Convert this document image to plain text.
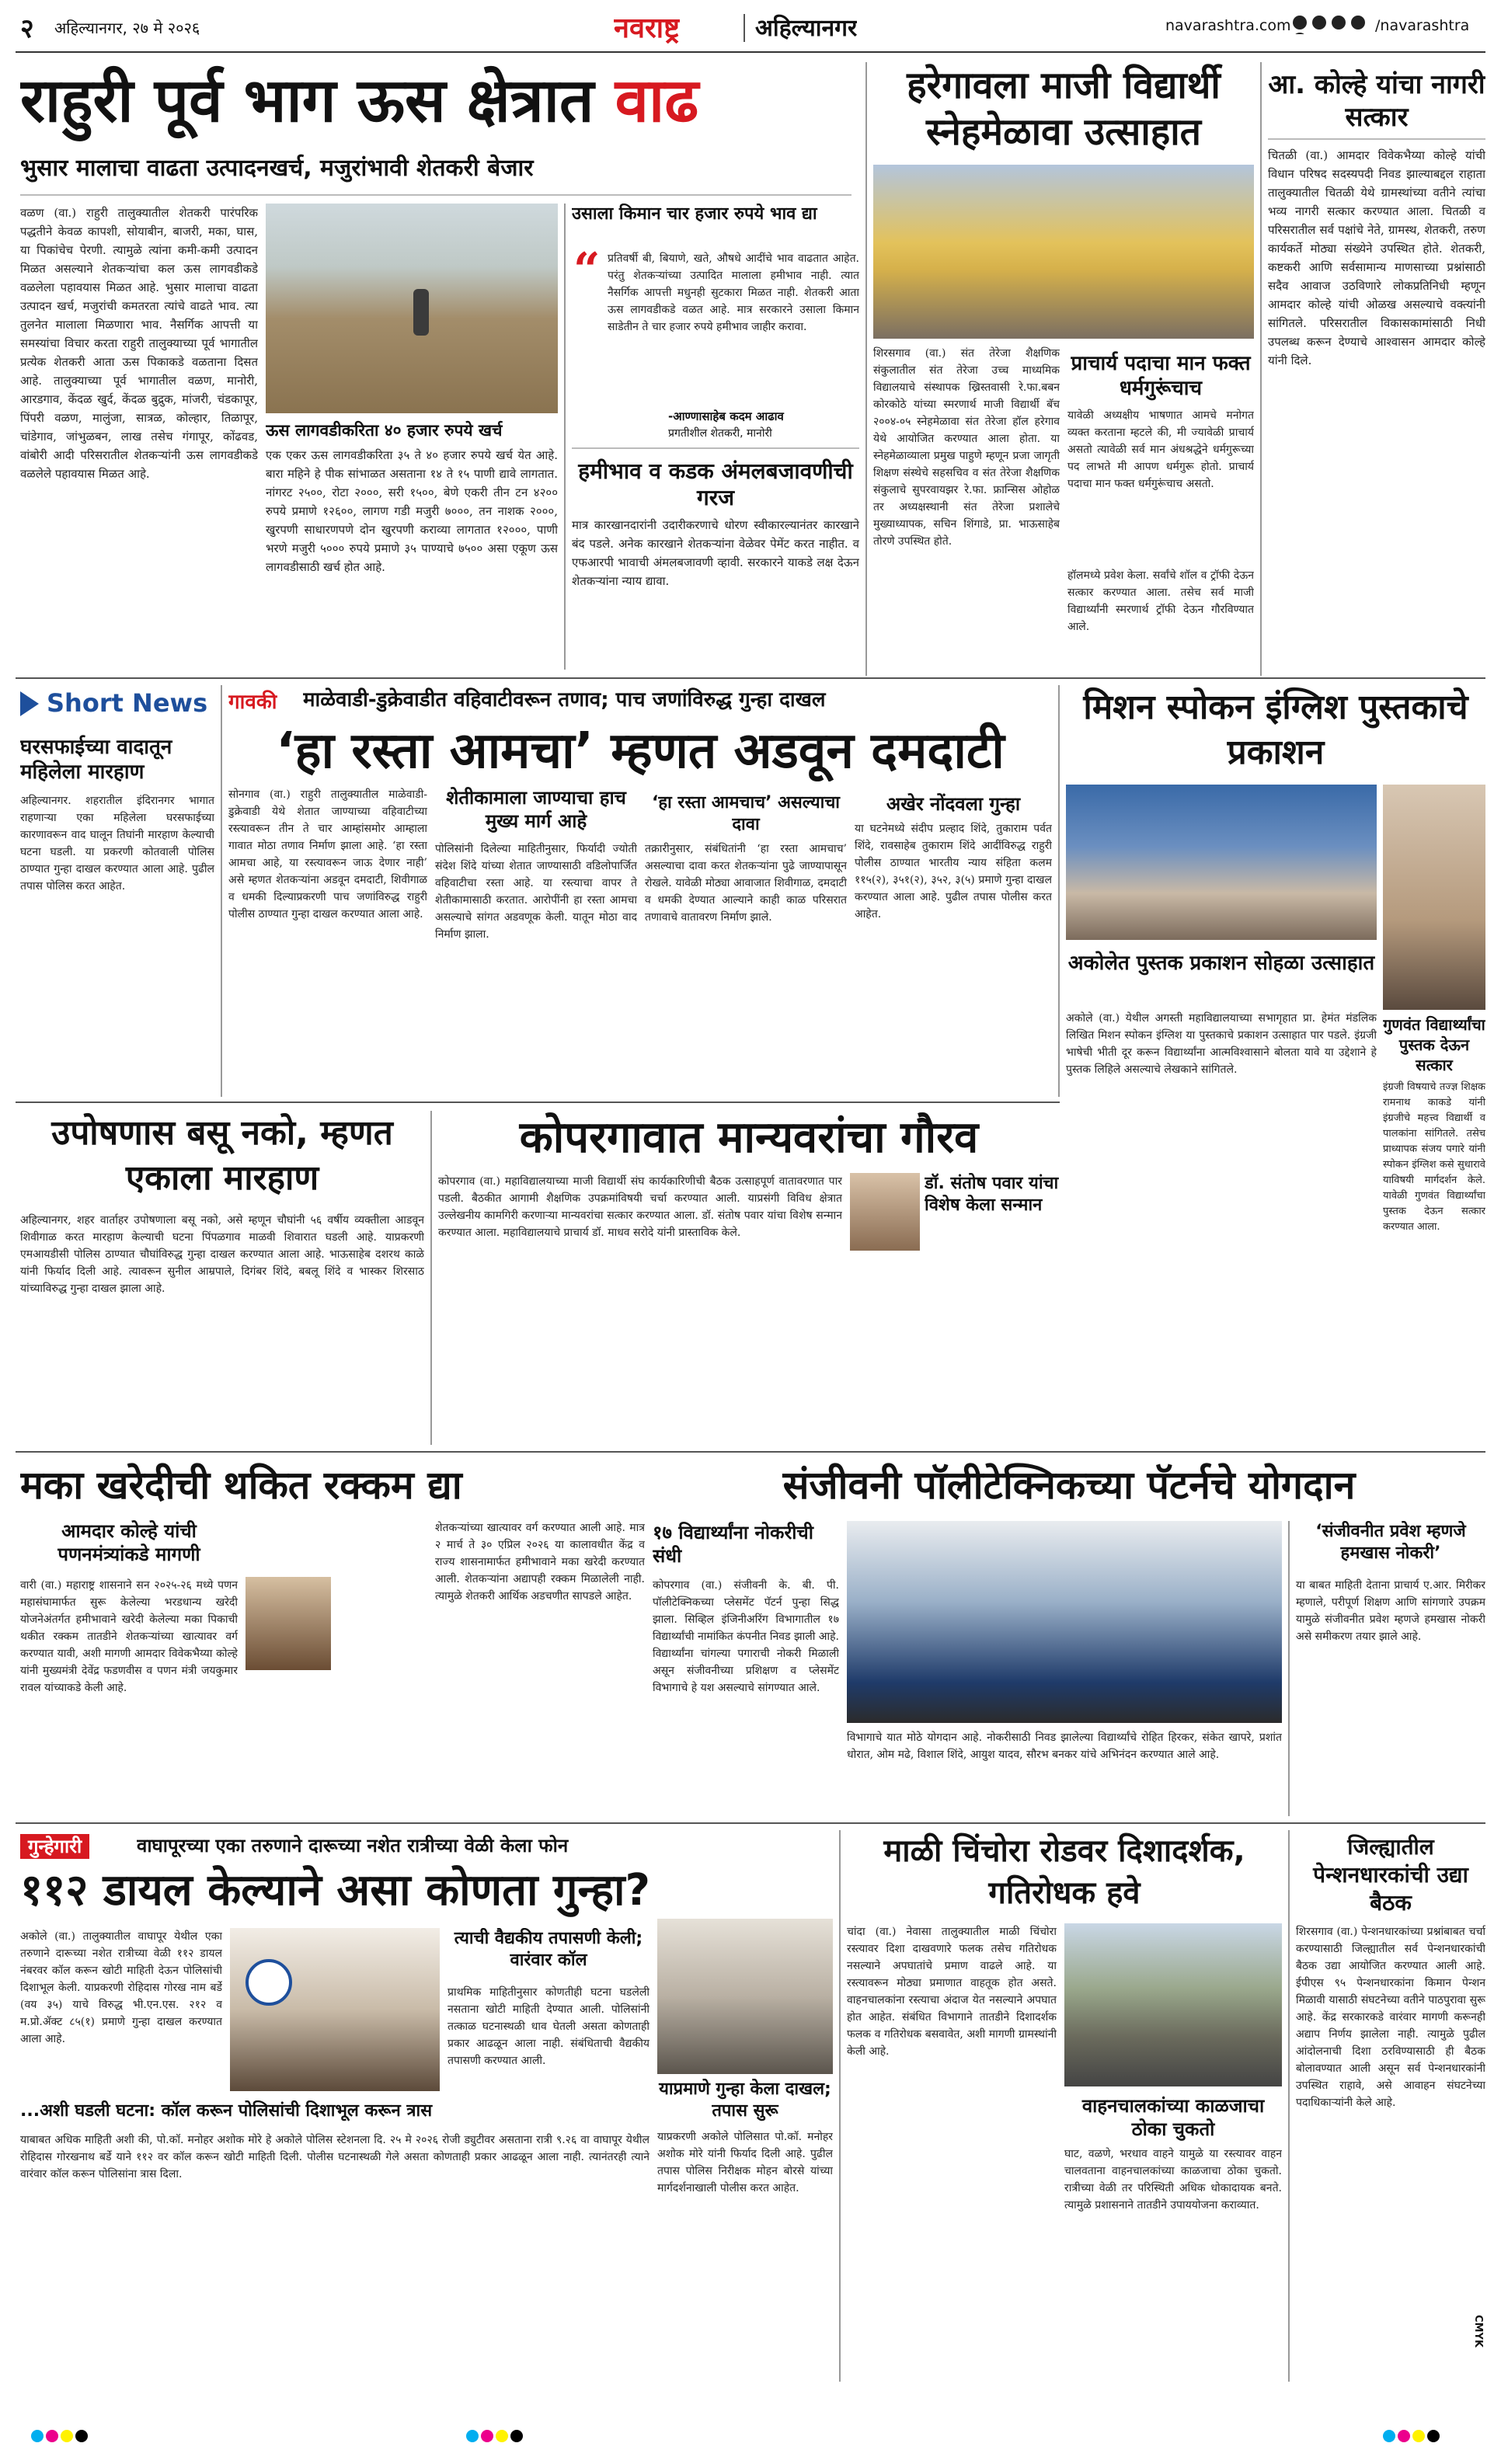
२ अहिल्यानगर, २७ मे २०२६	नवराष्ट्र	अहिल्यानगर	navarashtra.com
	/navarashtra
राहुरी पूर्व भाग ऊस क्षेत्रात वाढ
भुसार मालाचा वाढता उत्पादनखर्च, मजुरांभावी शेतकरी बेजार
वळण (वा.) राहुरी तालुक्यातील शेतकरी पारंपरिक पद्धतीने केवळ कापशी, सोयाबीन, बाजरी, मका, घास, या पिकांचेच पेरणी. त्यामुळे त्यांना कमी-कमी उत्पादन मिळत असल्याने शेतकऱ्यांचा कल ऊस लागवडीकडे वळलेला पहावयास मिळत आहे. भुसार मालाचा वाढता उत्पादन खर्च, मजुरांची कमतरता त्यांचे वाढते भाव. त्या तुलनेत मालाला मिळणारा भाव. नैसर्गिक आपत्ती या समस्यांचा विचार करता राहुरी तालुक्याच्या पूर्व भागातील प्रत्येक शेतकरी आता ऊस पिकाकडे वळताना दिसत आहे. तालुक्याच्या पूर्व भागातील वळण, मानोरी, आरडगाव, केंदळ खुर्द, केंदळ बुद्रुक, मांजरी, चंडकापूर, पिंपरी वळण, मालुंजा, सात्रळ, कोल्हार, तिळापूर, चांडेगाव, जांभुळबन, लाख तसेच गंगापूर, कोंढवड, वांबोरी आदी परिसरातील शेतकऱ्यांनी ऊस लागवडीकडे वळलेले पहावयास मिळत आहे.
ऊस लागवडीकरिता ४० हजार रुपये खर्च
एक एकर ऊस लागवडीकरिता ३५ ते ४० हजार रुपये खर्च येत आहे. बारा महिने हे पीक सांभाळत असताना १४ ते १५ पाणी द्यावे लागतात. नांगरट २५००, रोटा २०००, सरी १५००, बेणे एकरी तीन टन ४२०० रुपये प्रमाणे १२६००, लागण गडी मजुरी ७०००, तन नाशक २०००, खुरपणी साधारणपणे दोन खुरपणी कराव्या लागतात १२०००, पाणी भरणे मजुरी ५००० रुपये प्रमाणे ३५ पाण्याचे ७५०० असा एकूण ऊस लागवडीसाठी खर्च होत आहे.
उसाला किमान चार हजार रुपये भाव द्या
“ प्रतिवर्षी बी, बियाणे, खते, औषधे आदींचे भाव वाढतात आहेत. परंतु शेतकऱ्यांच्या उत्पादित मालाला हमीभाव नाही. त्यात नैसर्गिक आपत्ती मधुनही सुटकारा मिळत नाही. शेतकरी आता ऊस लागवडीकडे वळत आहे. मात्र सरकारने उसाला किमान साडेतीन ते चार हजार रुपये हमीभाव जाहीर करावा.
-आण्णासाहेब कदम आढाव
प्रगतीशील शेतकरी, मानोरी
हमीभाव व कडक अंमलबजावणीची गरज
मात्र कारखानदारांनी उदारीकरणाचे धोरण स्वीकारल्यानंतर कारखाने बंद पडले. अनेक कारखाने शेतकऱ्यांना वेळेवर पेमेंट करत नाहीत. व एफआरपी भावाची अंमलबजावणी व्हावी. सरकारने याकडे लक्ष देऊन शेतकऱ्यांना न्याय द्यावा.
हरेगावला माजी विद्यार्थी स्नेहमेळावा उत्साहात
शिरसगाव (वा.) संत तेरेजा शैक्षणिक संकुलातील संत तेरेजा उच्च माध्यमिक विद्यालयाचे संस्थापक ख्रिस्तवासी रे.फा.बबन कोरकोठे यांच्या स्मरणार्थ माजी विद्यार्थी बॅच २००४-०५ स्नेहमेळावा संत तेरेजा हॉल हरेगाव येथे आयोजित करण्यात आला होता. या स्नेहमेळाव्याला प्रमुख पाहुणे म्हणून प्रजा जागृती शिक्षण संस्थेचे सहसचिव व संत तेरेजा शैक्षणिक संकुलाचे सुपरवायझर रे.फा. फ्रान्सिस ओहोळ तर अध्यक्षस्थानी संत तेरेजा प्रशालेचे मुख्याध्यापक, सचिन शिंगाडे, प्रा. भाऊसाहेब तोरणे उपस्थित होते.
प्राचार्य पदाचा मान फक्त धर्मगुरूंचाच
यावेळी अध्यक्षीय भाषणात आमचे मनोगत व्यक्त करताना म्हटले की, मी ज्यावेळी प्राचार्य असतो त्यावेळी सर्व मान अंधश्रद्धेने धर्मगुरूच्या पद लाभते मी आपण धर्मगुरू होतो. प्राचार्य पदाचा मान फक्त धर्मगुरूंचाच असतो.
हॉलमध्ये प्रवेश केला. सर्वांचे शॉल व ट्रॉफी देऊन सत्कार करण्यात आला. तसेच सर्व माजी विद्यार्थ्यांनी स्मरणार्थ ट्रॉफी देऊन गौरविण्यात आले.
आ. कोल्हे यांचा नागरी सत्कार
चितळी (वा.) आमदार विवेकभैय्या कोल्हे यांची विधान परिषद सदस्यपदी निवड झाल्याबद्दल राहाता तालुक्यातील चितळी येथे ग्रामस्थांच्या वतीने त्यांचा भव्य नागरी सत्कार करण्यात आला. चितळी व परिसरातील सर्व पक्षांचे नेते, ग्रामस्थ, शेतकरी, तरुण कार्यकर्ते मोठ्या संख्येने उपस्थित होते. शेतकरी, कष्टकरी आणि सर्वसामान्य माणसाच्या प्रश्नांसाठी सदैव आवाज उठविणारे लोकप्रतिनिधी म्हणून आमदार कोल्हे यांची ओळख असल्याचे वक्त्यांनी सांगितले. परिसरातील विकासकामांसाठी निधी उपलब्ध करून देण्याचे आश्वासन आमदार कोल्हे यांनी दिले.
Short News
घरसफाईच्या वादातून महिलेला मारहाण
अहिल्यानगर. शहरातील इंदिरानगर भागात राहणाऱ्या एका महिलेला घरसफाईच्या कारणावरून वाद घालून तिघांनी मारहाण केल्याची घटना घडली. या प्रकरणी कोतवाली पोलिस ठाण्यात गुन्हा दाखल करण्यात आला आहे. पुढील तपास पोलिस करत आहेत.
गावकी माळेवाडी-डुक्रेवाडीत वहिवाटीवरून तणाव; पाच जणांविरुद्ध गुन्हा दाखल
‘हा रस्ता आमचा’ म्हणत अडवून दमदाटी
सोनगाव (वा.) राहुरी तालुक्यातील माळेवाडी-डुक्रेवाडी येथे शेतात जाण्याच्या वहिवाटीच्या रस्त्यावरून तीन ते चार आम्हांसमोर आम्हाला गावात मोठा तणाव निर्माण झाला आहे. ‘हा रस्ता आमचा आहे, या रस्त्यावरून जाऊ देणार नाही’ असे म्हणत शेतकऱ्यांना अडवून दमदाटी, शिवीगाळ व धमकी दिल्याप्रकरणी पाच जणांविरुद्ध राहुरी पोलीस ठाण्यात गुन्हा दाखल करण्यात आला आहे.
शेतीकामाला जाण्याचा हाच मुख्य मार्ग आहे
पोलिसांनी दिलेल्या माहितीनुसार, फिर्यादी ज्योती संदेश शिंदे यांच्या शेतात जाण्यासाठी वडिलोपार्जित वहिवाटीचा रस्ता आहे. या रस्त्याचा वापर ते शेतीकामासाठी करतात. आरोपींनी हा रस्ता आमचा असल्याचे सांगत अडवणूक केली. यातून मोठा वाद निर्माण झाला.
‘हा रस्ता आमचाच’ असल्याचा दावा
तक्रारीनुसार, संबंधितांनी ‘हा रस्ता आमचाच’ असल्याचा दावा करत शेतकऱ्यांना पुढे जाण्यापासून रोखले. यावेळी मोठ्या आवाजात शिवीगाळ, दमदाटी व धमकी देण्यात आल्याने काही काळ परिसरात तणावाचे वातावरण निर्माण झाले.
अखेर नोंदवला गुन्हा
या घटनेमध्ये संदीप प्रल्हाद शिंदे, तुकाराम पर्वत शिंदे, रावसाहेब तुकाराम शिंदे आदींविरुद्ध राहुरी पोलीस ठाण्यात भारतीय न्याय संहिता कलम ११५(२), ३५१(२), ३५२, ३(५) प्रमाणे गुन्हा दाखल करण्यात आला आहे. पुढील तपास पोलीस करत आहेत.
मिशन स्पोकन इंग्लिश पुस्तकाचे प्रकाशन
अकोलेत पुस्तक प्रकाशन सोहळा उत्साहात
गुणवंत विद्यार्थ्यांचा पुस्तक देऊन सत्कार
अकोले (वा.) येथील अगस्ती महाविद्यालयाच्या सभागृहात प्रा. हेमंत मंडलिक लिखित मिशन स्पोकन इंग्लिश या पुस्तकाचे प्रकाशन उत्साहात पार पडले. इंग्रजी भाषेची भीती दूर करून विद्यार्थ्यांना आत्मविश्वासाने बोलता यावे या उद्देशाने हे पुस्तक लिहिले असल्याचे लेखकाने सांगितले.
इंग्रजी विषयाचे तज्ज्ञ शिक्षक रामनाथ काकडे यांनी इंग्रजीचे महत्त्व विद्यार्थी व पालकांना सांगितले. तसेच प्राध्यापक संजय पगारे यांनी स्पोकन इंग्लिश कसे सुधारावे याविषयी मार्गदर्शन केले. यावेळी गुणवंत विद्यार्थ्यांचा पुस्तक देऊन सत्कार करण्यात आला.
उपोषणास बसू नको, म्हणत एकाला मारहाण
अहिल्यानगर, शहर वार्ताहर उपोषणाला बसू नको, असे म्हणून चौघांनी ५६ वर्षीय व्यक्तीला आडवून शिवीगाळ करत मारहाण केल्याची घटना पिंपळगाव माळवी शिवारात घडली आहे. याप्रकरणी एमआयडीसी पोलिस ठाण्यात चौघांविरुद्ध गुन्हा दाखल करण्यात आला आहे. भाऊसाहेब दशरथ काळे यांनी फिर्याद दिली आहे. त्यावरून सुनील आम्रपाले, दिगंबर शिंदे, बबलू शिंदे व भास्कर शिरसाठ यांच्याविरुद्ध गुन्हा दाखल झाला आहे.
कोपरगावात मान्यवरांचा गौरव
कोपरगाव (वा.) महाविद्यालयाच्या माजी विद्यार्थी संघ कार्यकारिणीची बैठक उत्साहपूर्ण वातावरणात पार पडली. बैठकीत आगामी शैक्षणिक उपक्रमांविषयी चर्चा करण्यात आली. याप्रसंगी विविध क्षेत्रात उल्लेखनीय कामगिरी करणाऱ्या मान्यवरांचा सत्कार करण्यात आला. डॉ. संतोष पवार यांचा विशेष सन्मान करण्यात आला. महाविद्यालयाचे प्राचार्य डॉ. माधव सरोदे यांनी प्रास्ताविक केले.
डॉ. संतोष पवार यांचा विशेष केला सन्मान
संजीवनी पॉलीटेक्निकच्या पॅटर्नचे योगदान
१७ विद्यार्थ्यांना नोकरीची संधी
कोपरगाव (वा.) संजीवनी के. बी. पी. पॉलीटेक्निकच्या प्लेसमेंट पॅटर्न पुन्हा सिद्ध झाला. सिव्हिल इंजिनीअरिंग विभागातील १७ विद्यार्थ्यांची नामांकित कंपनीत निवड झाली आहे. विद्यार्थ्यांना चांगल्या पगाराची नोकरी मिळाली असून संजीवनीच्या प्रशिक्षण व प्लेसमेंट विभागाचे हे यश असल्याचे सांगण्यात आले.
विभागाचे यात मोठे योगदान आहे. नोकरीसाठी निवड झालेल्या विद्यार्थ्यांचे रोहित हिरकर, संकेत खापरे, प्रशांत धोरात, ओम मढे, विशाल शिंदे, आयुश यादव, सौरभ बनकर यांचे अभिनंदन करण्यात आले आहे.
‘संजीवनीत प्रवेश म्हणजे हमखास नोकरी’
या बाबत माहिती देताना प्राचार्य ए.आर. मिरीकर म्हणाले, परीपूर्ण शिक्षण आणि सांगणारे उपक्रम यामुळे संजीवनीत प्रवेश म्हणजे हमखास नोकरी असे समीकरण तयार झाले आहे.
मका खरेदीची थकित रक्कम द्या
आमदार कोल्हे यांची पणनमंत्र्यांकडे मागणी
वारी (वा.) महाराष्ट्र शासनाने सन २०२५-२६ मध्ये पणन महासंघामार्फत सुरू केलेल्या भरडधान्य खरेदी योजनेअंतर्गत हमीभावाने खरेदी केलेल्या मका पिकाची थकीत रक्कम तातडीने शेतकऱ्यांच्या खात्यावर वर्ग करण्यात यावी, अशी मागणी आमदार विवेकभैय्या कोल्हे यांनी मुख्यमंत्री देवेंद्र फडणवीस व पणन मंत्री जयकुमार रावल यांच्याकडे केली आहे.
शेतकऱ्यांच्या खात्यावर वर्ग करण्यात आली आहे. मात्र २ मार्च ते ३० एप्रिल २०२६ या कालावधीत केंद्र व राज्य शासनामार्फत हमीभावाने मका खरेदी करण्यात आली. शेतकऱ्यांना अद्यापही रक्कम मिळालेली नाही. त्यामुळे शेतकरी आर्थिक अडचणीत सापडले आहेत.
गुन्हेगारी	वाघापूरच्या एका तरुणाने दारूच्या नशेत रात्रीच्या वेळी केला फोन
११२ डायल केल्याने असा कोणता गुन्हा?
अकोले (वा.) तालुक्यातील वाघापूर येथील एका तरुणाने दारूच्या नशेत रात्रीच्या वेळी ११२ डायल नंबरवर कॉल करून खोटी माहिती देऊन पोलिसांची दिशाभूल केली. याप्रकरणी रोहिदास गोरख नाम बर्डे (वय ३५) याचे विरुद्ध भी.एन.एस. २१२ व म.प्रो.ॲक्ट ८५(१) प्रमाणे गुन्हा दाखल करण्यात आला आहे.
त्याची वैद्यकीय तपासणी केली; वारंवार कॉल
प्राथमिक माहितीनुसार कोणतीही घटना घडलेली नसताना खोटी माहिती देण्यात आली. पोलिसांनी तत्काळ घटनास्थळी धाव घेतली असता कोणताही प्रकार आढळून आला नाही. संबंधिताची वैद्यकीय तपासणी करण्यात आली.
याप्रमाणे गुन्हा केला दाखल; तपास सुरू
याप्रकरणी अकोले पोलिसात पो.कॉ. मनोहर अशोक मोरे यांनी फिर्याद दिली आहे. पुढील तपास पोलिस निरीक्षक मोहन बोरसे यांच्या मार्गदर्शनाखाली पोलीस करत आहेत.
...अशी घडली घटना: कॉल करून पोलिसांची दिशाभूल करून त्रास
याबाबत अधिक माहिती अशी की, पो.कॉ. मनोहर अशोक मोरे हे अकोले पोलिस स्टेशनला दि. २५ मे २०२६ रोजी ड्युटीवर असताना रात्री ९.२६ वा वाघापूर येथील रोहिदास गोरखनाथ बर्डे याने ११२ वर कॉल करून खोटी माहिती दिली. पोलीस घटनास्थळी गेले असता कोणताही प्रकार आढळून आला नाही. त्यानंतरही त्याने वारंवार कॉल करून पोलिसांना त्रास दिला.
माळी चिंचोरा रोडवर दिशादर्शक, गतिरोधक हवे
चांदा (वा.) नेवासा तालुक्यातील माळी चिंचोरा रस्त्यावर दिशा दाखवणारे फलक तसेच गतिरोधक नसल्याने अपघातांचे प्रमाण वाढले आहे. या रस्त्यावरून मोठ्या प्रमाणात वाहतूक होत असते. वाहनचालकांना रस्त्याचा अंदाज येत नसल्याने अपघात होत आहेत. संबंधित विभागाने तातडीने दिशादर्शक फलक व गतिरोधक बसवावेत, अशी मागणी ग्रामस्थांनी केली आहे.
वाहनचालकांच्या काळजाचा ठोका चुकतो
घाट, वळणे, भरधाव वाहने यामुळे या रस्त्यावर वाहन चालवताना वाहनचालकांच्या काळजाचा ठोका चुकतो. रात्रीच्या वेळी तर परिस्थिती अधिक धोकादायक बनते. त्यामुळे प्रशासनाने तातडीने उपाययोजना कराव्यात.
जिल्ह्यातील पेन्शनधारकांची उद्या बैठक
शिरसगाव (वा.) पेन्शनधारकांच्या प्रश्नांबाबत चर्चा करण्यासाठी जिल्ह्यातील सर्व पेन्शनधारकांची बैठक उद्या आयोजित करण्यात आली आहे. ईपीएस ९५ पेन्शनधारकांना किमान पेन्शन मिळावी यासाठी संघटनेच्या वतीने पाठपुरावा सुरू आहे. केंद्र सरकारकडे वारंवार मागणी करूनही अद्याप निर्णय झालेला नाही. त्यामुळे पुढील आंदोलनाची दिशा ठरविण्यासाठी ही बैठक बोलावण्यात आली असून सर्व पेन्शनधारकांनी उपस्थित राहावे, असे आवाहन संघटनेच्या पदाधिकाऱ्यांनी केले आहे.
CMYK
